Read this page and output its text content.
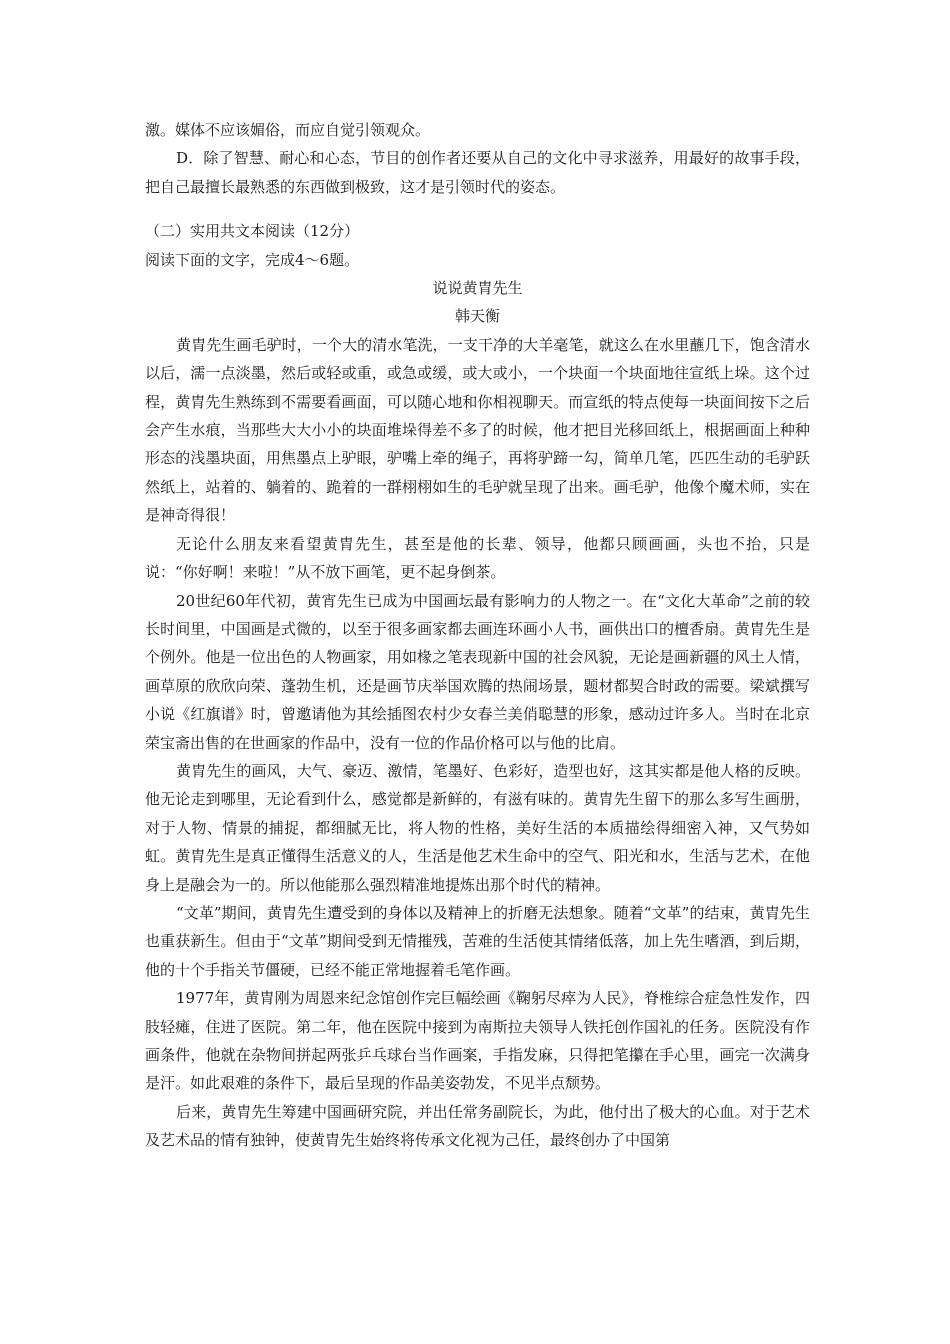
激。媒体不应该媚俗，而应自觉引领观众。

D．除了智慧、耐心和心态，节目的创作者还要从自己的文化中寻求滋养，用最好的故事手段，把自己最擅长最熟悉的东西做到极致，这才是引领时代的姿态。

（二）实用共文本阅读（12分）

阅读下面的文字，完成4～6题。

说说黄胄先生

韩天衡

黄胄先生画毛驴时，一个大的清水笔洗，一支干净的大羊毫笔，就这么在水里蘸几下，饱含清水以后，濡一点淡墨，然后或轻或重，或急或缓，或大或小，一个块面一个块面地往宣纸上垛。这个过程，黄胄先生熟练到不需要看画面，可以随心地和你相视聊天。而宣纸的特点使每一块面间按下之后会产生水痕，当那些大大小小的块面堆垛得差不多了的时候，他才把目光移回纸上，根据画面上种种形态的浅墨块面，用焦墨点上驴眼，驴嘴上牵的绳子，再将驴蹄一勾，简单几笔，匹匹生动的毛驴跃然纸上，站着的、躺着的、跪着的一群栩栩如生的毛驴就呈现了出来。画毛驴，他像个魔术师，实在是神奇得很！

无论什么朋友来看望黄胄先生，甚至是他的长辈、领导，他都只顾画画，头也不抬，只是说：“你好啊！来啦！”从不放下画笔，更不起身倒茶。

20世纪60年代初，黄宵先生已成为中国画坛最有影响力的人物之一。在“文化大革命”之前的较长时间里，中国画是式微的，以至于很多画家都去画连环画小人书，画供出口的檀香扇。黄胄先生是个例外。他是一位出色的人物画家，用如椽之笔表现新中国的社会风貌，无论是画新疆的风土人情，画草原的欣欣向荣、蓬勃生机，还是画节庆举国欢腾的热闹场景，题材都契合时政的需要。梁斌撰写小说《红旗谱》时，曾邀请他为其绘插图农村少女春兰美俏聪慧的形象，感动过许多人。当时在北京荣宝斋出售的在世画家的作品中，没有一位的作品价格可以与他的比肩。

黄胄先生的画风，大气、豪迈、激情，笔墨好、色彩好，造型也好，这其实都是他人格的反映。他无论走到哪里，无论看到什么，感觉都是新鲜的，有滋有味的。黄胄先生留下的那么多写生画册，对于人物、情景的捕捉，都细腻无比，将人物的性格，美好生活的本质描绘得细密入神，又气势如虹。黄胄先生是真正懂得生活意义的人，生活是他艺术生命中的空气、阳光和水，生活与艺术，在他身上是融会为一的。所以他能那么强烈精准地提炼出那个时代的精神。

“文革”期间，黄胄先生遭受到的身体以及精神上的折磨无法想象。随着“文革”的结束，黄胄先生也重获新生。但由于“文革”期间受到无情摧残，苦难的生活使其情绪低落，加上先生嗜酒，到后期，他的十个手指关节僵硬，已经不能正常地握着毛笔作画。

1977年，黄胄刚为周恩来纪念馆创作完巨幅绘画《鞠躬尽瘁为人民》，脊椎综合症急性发作，四肢轻瘫，住进了医院。第二年，他在医院中接到为南斯拉夫领导人铁托创作国礼的任务。医院没有作画条件，他就在杂物间拼起两张乒乓球台当作画案，手指发麻，只得把笔攥在手心里，画完一次满身是汗。如此艰难的条件下，最后呈现的作品美姿勃发，不见半点颓势。

后来，黄胄先生筹建中国画研究院，并出任常务副院长，为此，他付出了极大的心血。对于艺术及艺术品的情有独钟，使黄胄先生始终将传承文化视为己任，最终创办了中国第
